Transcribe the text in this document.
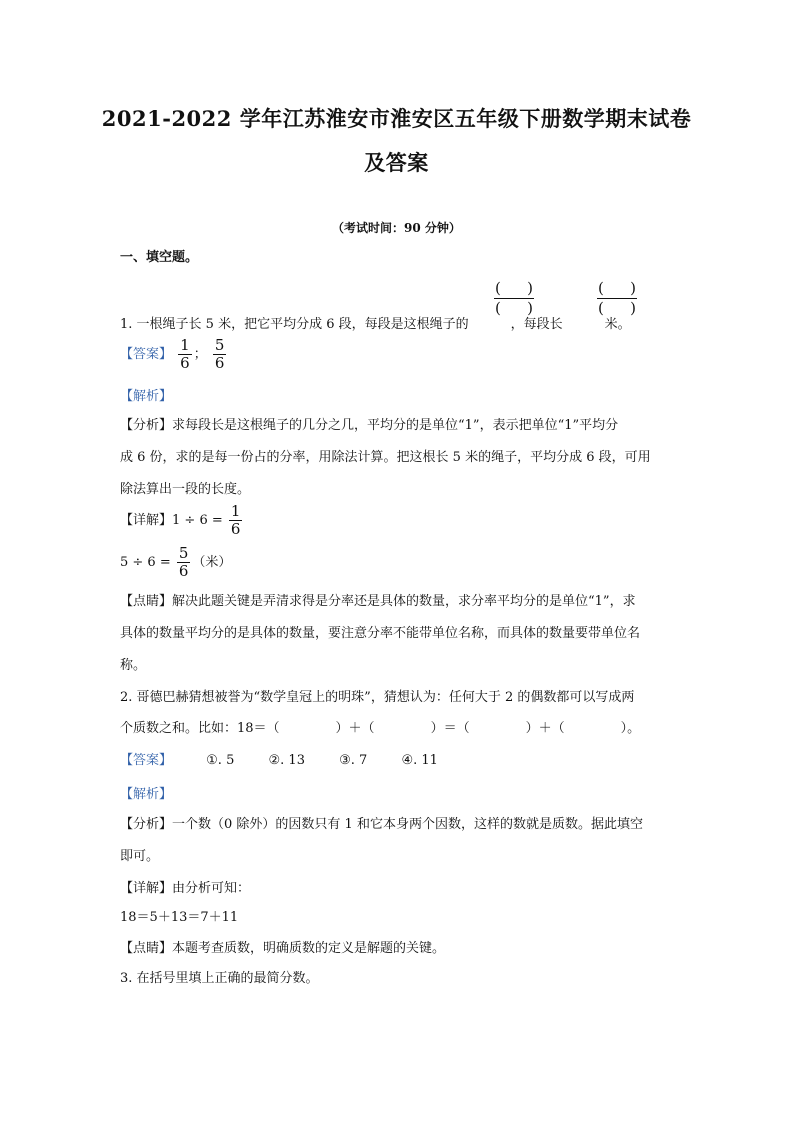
2021-2022 学年江苏淮安市淮安区五年级下册数学期末试卷
及答案
（考试时间：90 分钟）
一、填空题。
( )
( )
( )
( )
1. 一根绳子长 5 米，把它平均分成 6 段，每段是这根绳子的	，每段长	米。
【答案】 $\frac{1}{6}$ ； $\frac{5}{6}$
【解析】
【分析】求每段长是这根绳子的几分之几，平均分的是单位“1”，表示把单位“1”平均分
成 6 份，求的是每一份占的分率，用除法计算。把这根长 5 米的绳子，平均分成 6 段，可用
除法算出一段的长度。
【详解】$1 \div 6 = \frac{1}{6}$
$5 \div 6 = \frac{5}{6}$ （米）
【点睛】解决此题关键是弄清求得是分率还是具体的数量，求分率平均分的是单位“1”，求
具体的数量平均分的是具体的数量，要注意分率不能带单位名称，而具体的数量要带单位名
称。
2. 哥德巴赫猜想被誉为“数学皇冠上的明珠”，猜想认为：任何大于 2 的偶数都可以写成两
个质数之和。比如：18＝（	）＋（	）＝（	）＋（	）。
【答案】	①. 5	②. 13	③. 7	④. 11
【解析】
【分析】一个数（0 除外）的因数只有 1 和它本身两个因数，这样的数就是质数。据此填空
即可。
【详解】由分析可知：
18＝5＋13＝7＋11
【点睛】本题考查质数，明确质数的定义是解题的关键。
3. 在括号里填上正确的最简分数。
